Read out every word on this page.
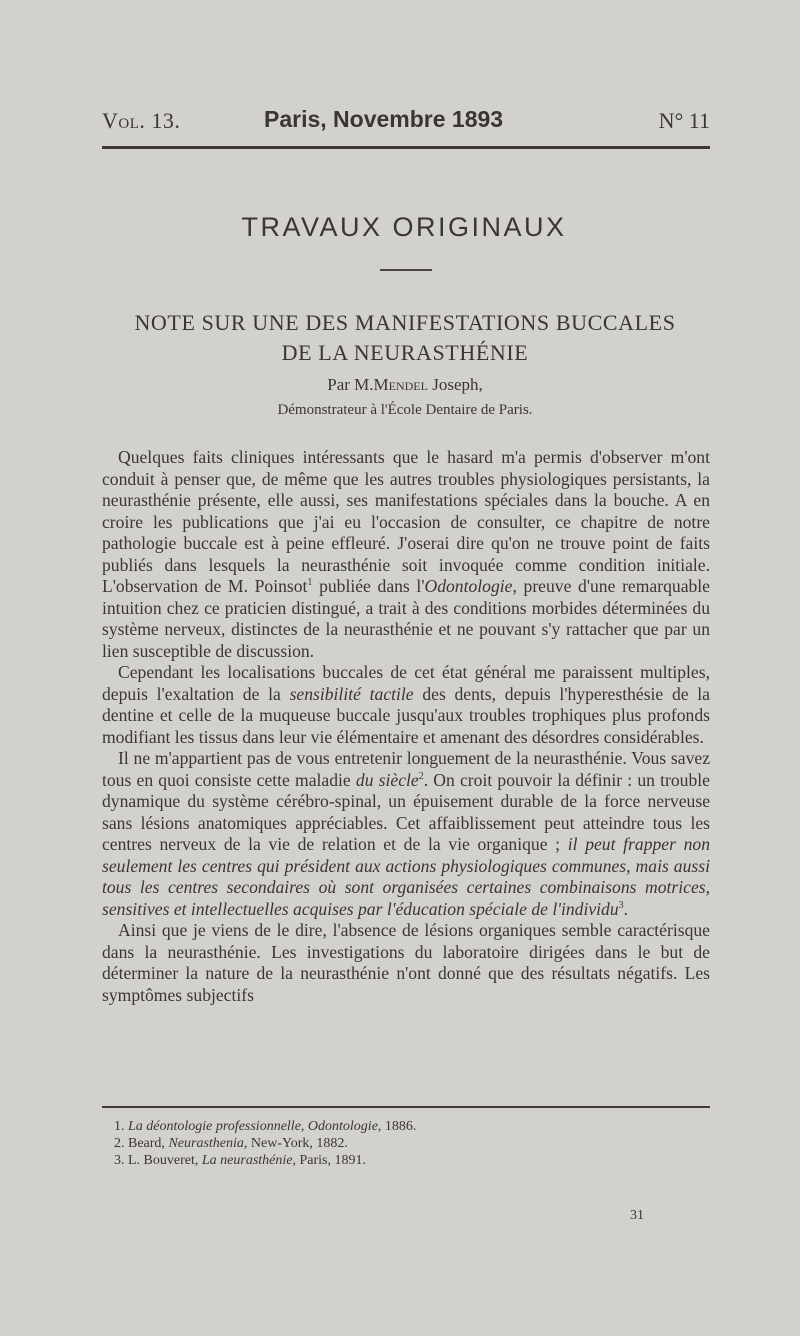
Vol. 13.	Paris, Novembre 1893	N° 11
TRAVAUX ORIGINAUX
NOTE SUR UNE DES MANIFESTATIONS BUCCALES
DE LA NEURASTHÉNIE
Par M.Mendel Joseph,
Démonstrateur à l'École Dentaire de Paris.

Quelques faits cliniques intéressants que le hasard m'a permis d'observer m'ont conduit à penser que, de même que les autres troubles physiologiques persistants, la neurasthénie présente, elle aussi, ses manifestations spéciales dans la bouche. A en croire les publications que j'ai eu l'occasion de consulter, ce chapitre de notre pathologie buccale est à peine effleuré. J'oserai dire qu'on ne trouve point de faits publiés dans lesquels la neurasthénie soit invoquée comme condition initiale. L'observation de M. Poinsot$^1$ publiée dans l'Odontologie, preuve d'une remarquable intuition chez ce praticien distingué, a trait à des conditions morbides déterminées du système nerveux, distinctes de la neurasthénie et ne pouvant s'y rattacher que par un lien susceptible de discussion.

Cependant les localisations buccales de cet état général me paraissent multiples, depuis l'exaltation de la sensibilité tactile des dents, depuis l'hyperesthésie de la dentine et celle de la muqueuse buccale jusqu'aux troubles trophiques plus profonds modifiant les tissus dans leur vie élémentaire et amenant des désordres considérables.

Il ne m'appartient pas de vous entretenir longuement de la neurasthénie. Vous savez tous en quoi consiste cette maladie du siècle$^2$. On croit pouvoir la définir : un trouble dynamique du système cérébro-spinal, un épuisement durable de la force nerveuse sans lésions anatomiques appréciables. Cet affaiblissement peut atteindre tous les centres nerveux de la vie de relation et de la vie organique ; il peut frapper non seulement les centres qui président aux actions physiologiques communes, mais aussi tous les centres secondaires où sont organisées certaines combinaisons motrices, sensitives et intellectuelles acquises par l'éducation spéciale de l'individu$^3$.

Ainsi que je viens de le dire, l'absence de lésions organiques semble caractérisque dans la neurasthénie. Les investigations du laboratoire dirigées dans le but de déterminer la nature de la neurasthénie n'ont donné que des résultats négatifs. Les symptômes subjectifs

1. La déontologie professionnelle, Odontologie, 1886.
2. Beard, Neurasthenia, New-York, 1882.
3. L. Bouveret, La neurasthénie, Paris, 1891.
31
